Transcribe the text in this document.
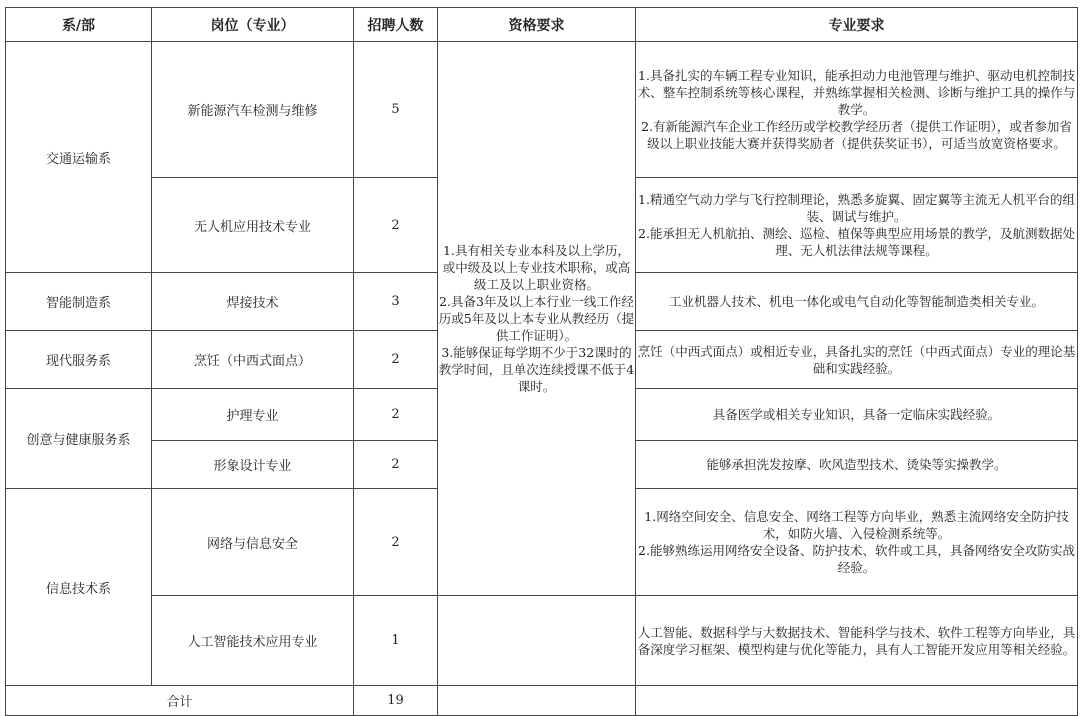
系/部	岗位（专业）	招聘人数	资格要求	专业要求
交通运输系	新能源汽车检测与维修	5	1.具有相关专业本科及以上学历，或中级及以上专业技术职称，或高级工及以上职业资格。
2.具备3年及以上本行业一线工作经历或5年及以上本专业从教经历（提供工作证明）。
3.能够保证每学期不少于32课时的教学时间，且单次连续授课不低于4课时。	1.具备扎实的车辆工程专业知识，能承担动力电池管理与维护、驱动电机控制技术、整车控制系统等核心课程，并熟练掌握相关检测、诊断与维护工具的操作与教学。
2.有新能源汽车企业工作经历或学校教学经历者（提供工作证明），或者参加省级以上职业技能大赛并获得奖励者（提供获奖证书），可适当放宽资格要求。
	无人机应用技术专业	2		1.精通空气动力学与飞行控制理论，熟悉多旋翼、固定翼等主流无人机平台的组装、调试与维护。
2.能承担无人机航拍、测绘、巡检、植保等典型应用场景的教学，及航测数据处理、无人机法律法规等课程。
智能制造系	焊接技术	3		工业机器人技术、机电一体化或电气自动化等智能制造类相关专业。
现代服务系	烹饪（中西式面点）	2		烹饪（中西式面点）或相近专业，具备扎实的烹饪（中西式面点）专业的理论基础和实践经验。
创意与健康服务系	护理专业	2		具备医学或相关专业知识，具备一定临床实践经验。
	形象设计专业	2		能够承担洗发按摩、吹风造型技术、烫染等实操教学。
信息技术系	网络与信息安全	2		1.网络空间安全、信息安全、网络工程等方向毕业，熟悉主流网络安全防护技术，如防火墙、入侵检测系统等。
2.能够熟练运用网络安全设备、防护技术、软件或工具，具备网络安全攻防实战经验。
	人工智能技术应用专业	1		人工智能、数据科学与大数据技术、智能科学与技术、软件工程等方向毕业，具备深度学习框架、模型构建与优化等能力，具有人工智能开发应用等相关经验。
合计		19		
